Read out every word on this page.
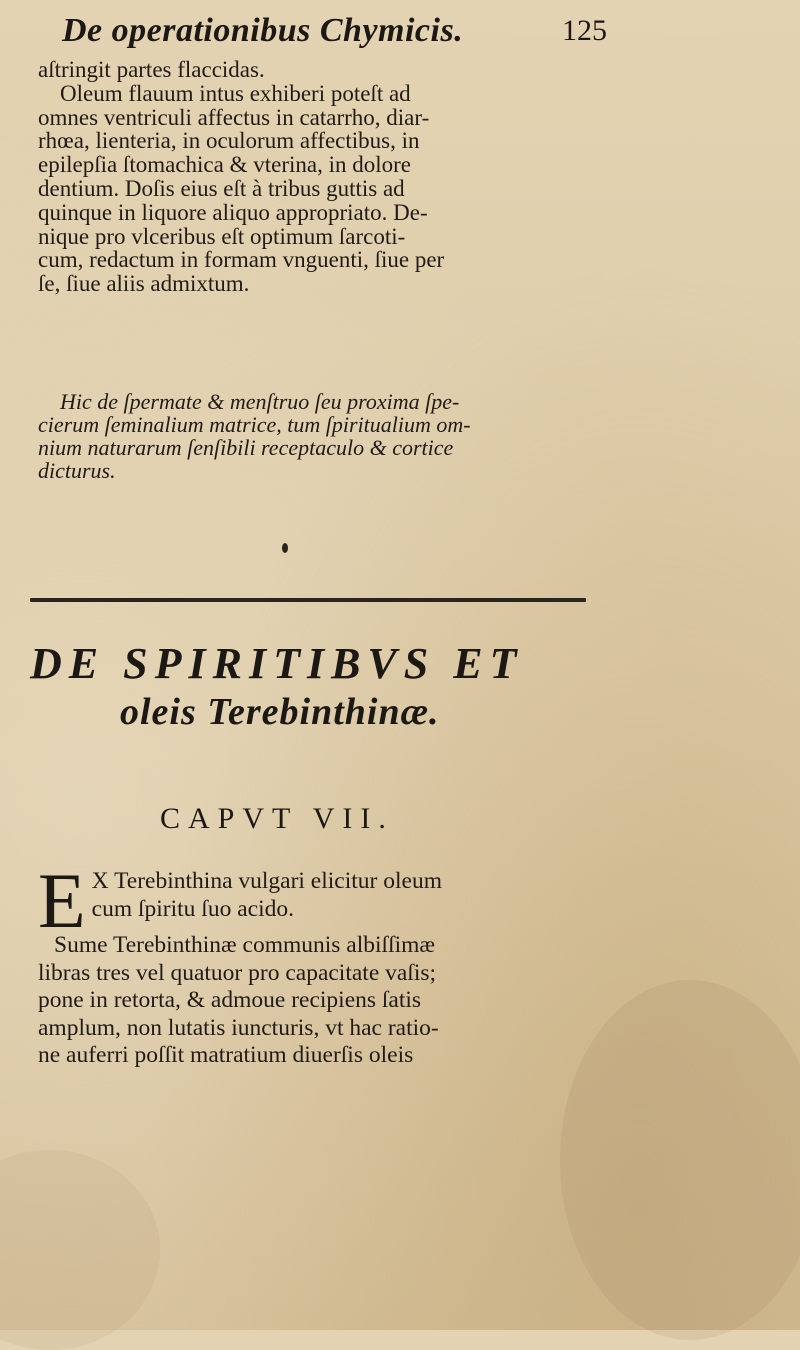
De operationibus Chymicis.	125
aſtringit partes flaccidas.
Oleum flauum intus exhiberi poteſt ad
omnes ventriculi affectus in catarrho, diar-
rhœa, lienteria, in oculorum affectibus, in
epilepſia ſtomachica & vterina, in dolore
dentium. Doſis eius eſt à tribus guttis ad
quinque in liquore aliquo appropriato. De-
nique pro vlceribus eſt optimum ſarcoti-
cum, redactum in formam vnguenti, ſiue per
ſe, ſiue aliis admixtum.
Hic de ſpermate & menſtruo ſeu proxima ſpe-
cierum ſeminalium matrice, tum ſpiritualium om-
nium naturarum ſenſibili receptaculo & cortice
dicturus.
DE SPIRITIBVS ET
oleis Terebinthinæ.
CAPVT VII.
E X Terebinthina vulgari elicitur oleum
cum ſpiritu ſuo acido.
Sume Terebinthinæ communis albiſſimæ
libras tres vel quatuor pro capacitate vaſis;
pone in retorta, & admoue recipiens ſatis
amplum, non lutatis iuncturis, vt hac ratio-
ne auferri poſſit matratium diuerſis oleis
